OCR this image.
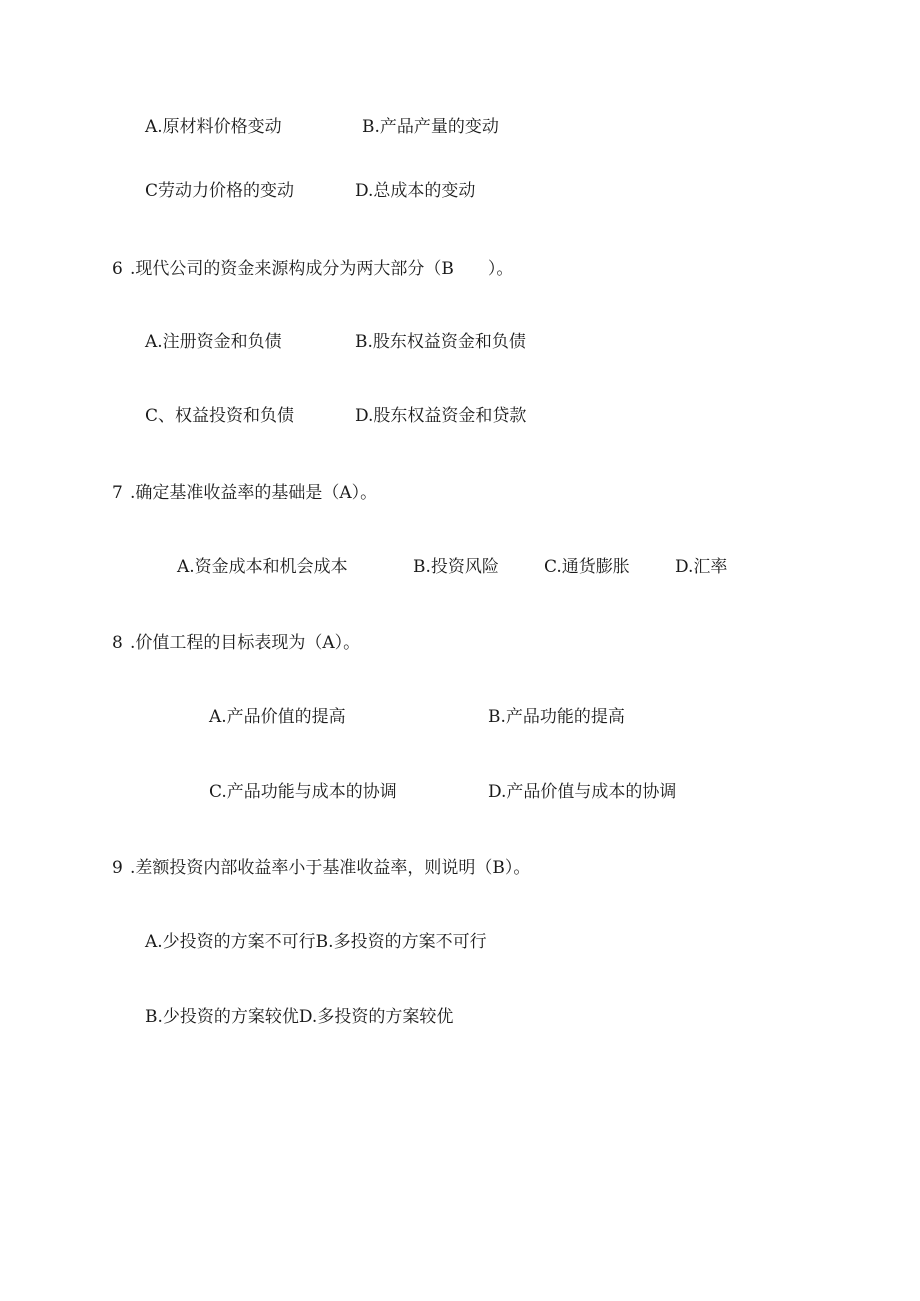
A.原材料价格变动	B.产品产量的变动
C劳动力价格的变动	D.总成本的变动
6 .现代公司的资金来源构成分为两大部分（B　　）。
A.注册资金和负债	B.股东权益资金和负债
C、权益投资和负债	D.股东权益资金和贷款
7 .确定基准收益率的基础是（A）。
A.资金成本和机会成本	B.投资风险	C.通货膨胀	D.汇率
8 .价值工程的目标表现为（A）。
A.产品价值的提高	B.产品功能的提高
C.产品功能与成本的协调	D.产品价值与成本的协调
9 .差额投资内部收益率小于基准收益率，则说明（B）。
A.少投资的方案不可行B.多投资的方案不可行
B.少投资的方案较优D.多投资的方案较优
